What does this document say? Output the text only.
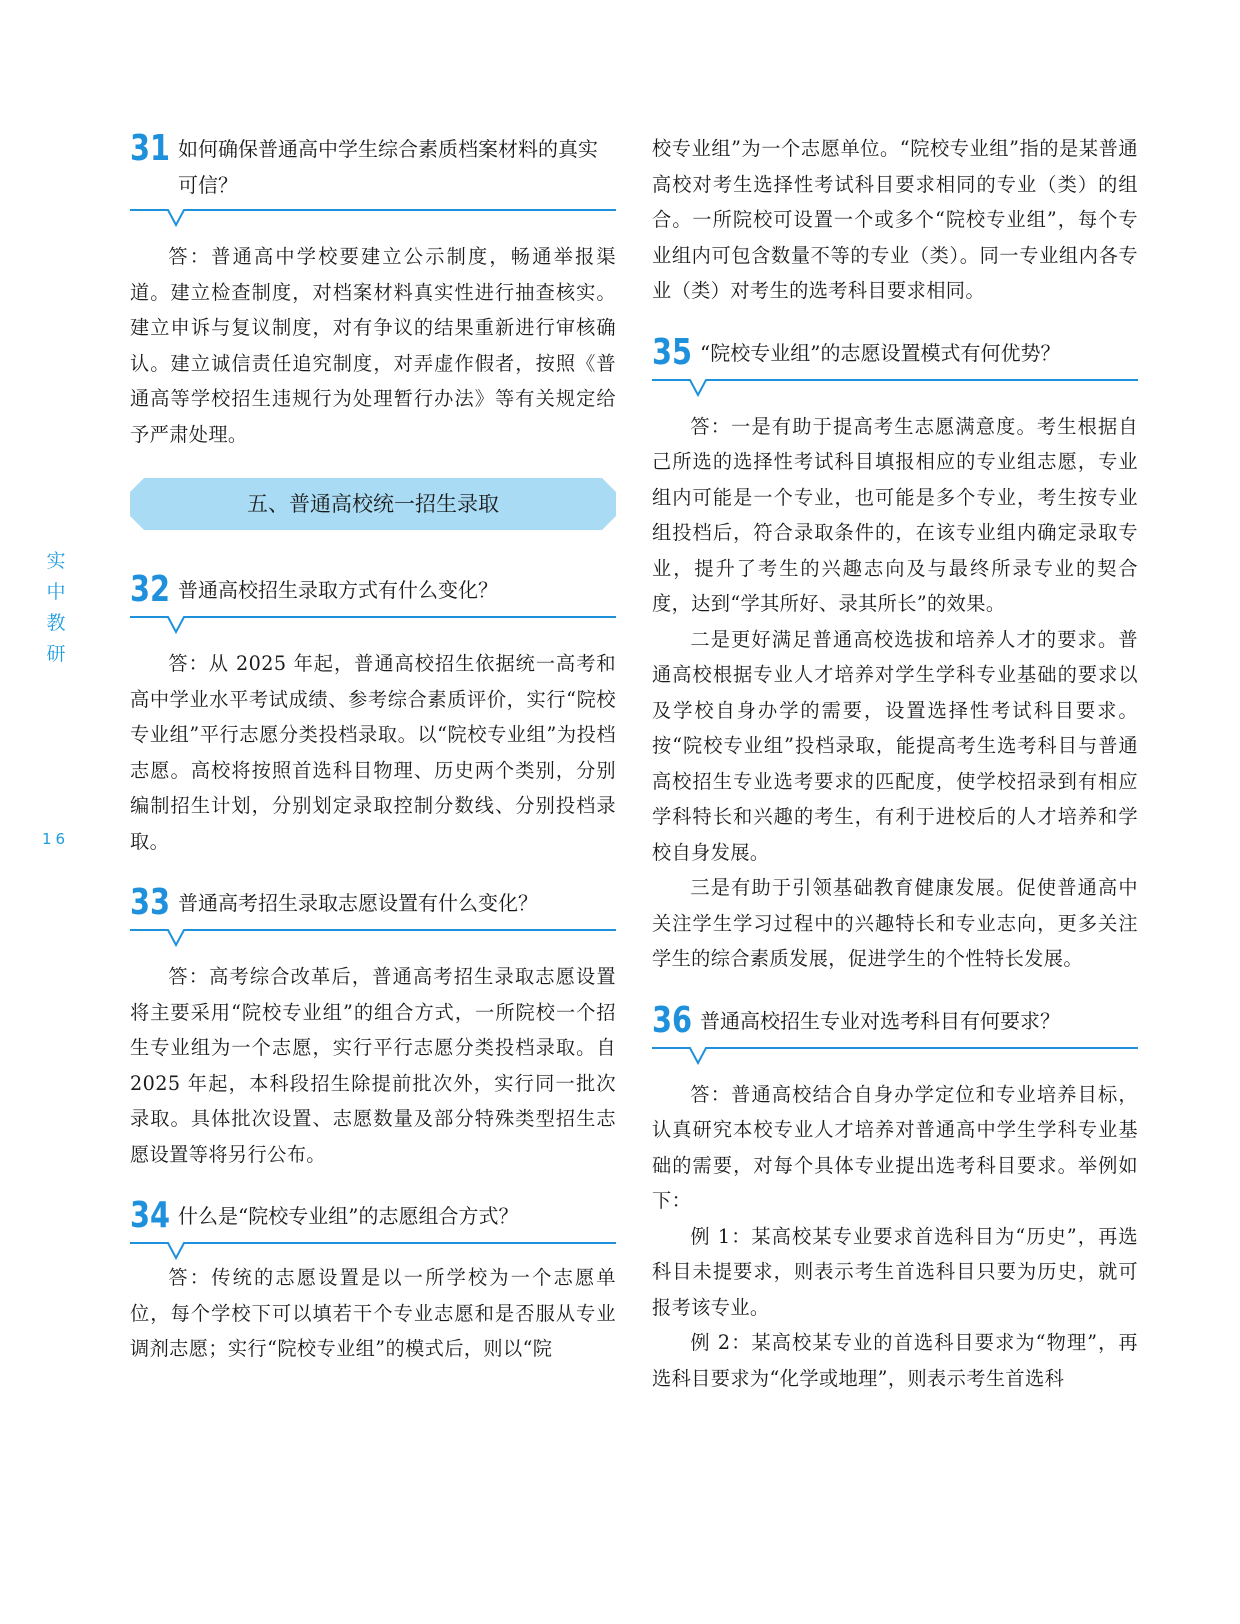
实
中
教
研
16
31 如何确保普通高中学生综合素质档案材料的真实可信？

答：普通高中学校要建立公示制度，畅通举报渠道。建立检查制度，对档案材料真实性进行抽查核实。建立申诉与复议制度，对有争议的结果重新进行审核确认。建立诚信责任追究制度，对弄虚作假者，按照《普通高等学校招生违规行为处理暂行办法》等有关规定给予严肃处理。

五、普通高校统一招生录取
32 普通高校招生录取方式有什么变化？

答：从 2025 年起，普通高校招生依据统一高考和高中学业水平考试成绩、参考综合素质评价，实行“院校专业组”平行志愿分类投档录取。以“院校专业组”为投档志愿。高校将按照首选科目物理、历史两个类别，分别编制招生计划，分别划定录取控制分数线、分别投档录取。

33 普通高考招生录取志愿设置有什么变化？

答：高考综合改革后，普通高考招生录取志愿设置将主要采用“院校专业组”的组合方式，一所院校一个招生专业组为一个志愿，实行平行志愿分类投档录取。自 2025 年起，本科段招生除提前批次外，实行同一批次录取。具体批次设置、志愿数量及部分特殊类型招生志愿设置等将另行公布。

34 什么是“院校专业组”的志愿组合方式？

答：传统的志愿设置是以一所学校为一个志愿单位，每个学校下可以填若干个专业志愿和是否服从专业调剂志愿；实行“院校专业组”的模式后，则以“院

校专业组”为一个志愿单位。“院校专业组”指的是某普通高校对考生选择性考试科目要求相同的专业（类）的组合。一所院校可设置一个或多个“院校专业组”，每个专业组内可包含数量不等的专业（类）。同一专业组内各专业（类）对考生的选考科目要求相同。

35 “院校专业组”的志愿设置模式有何优势？

答：一是有助于提高考生志愿满意度。考生根据自己所选的选择性考试科目填报相应的专业组志愿，专业组内可能是一个专业，也可能是多个专业，考生按专业组投档后，符合录取条件的，在该专业组内确定录取专业，提升了考生的兴趣志向及与最终所录专业的契合度，达到“学其所好、录其所长”的效果。

二是更好满足普通高校选拔和培养人才的要求。普通高校根据专业人才培养对学生学科专业基础的要求以及学校自身办学的需要，设置选择性考试科目要求。按“院校专业组”投档录取，能提高考生选考科目与普通高校招生专业选考要求的匹配度，使学校招录到有相应学科特长和兴趣的考生，有利于进校后的人才培养和学校自身发展。

三是有助于引领基础教育健康发展。促使普通高中关注学生学习过程中的兴趣特长和专业志向，更多关注学生的综合素质发展，促进学生的个性特长发展。

36 普通高校招生专业对选考科目有何要求？

答：普通高校结合自身办学定位和专业培养目标，认真研究本校专业人才培养对普通高中学生学科专业基础的需要，对每个具体专业提出选考科目要求。举例如下：

例 1：某高校某专业要求首选科目为“历史”，再选科目未提要求，则表示考生首选科目只要为历史，就可报考该专业。

例 2：某高校某专业的首选科目要求为“物理”，再选科目要求为“化学或地理”，则表示考生首选科
